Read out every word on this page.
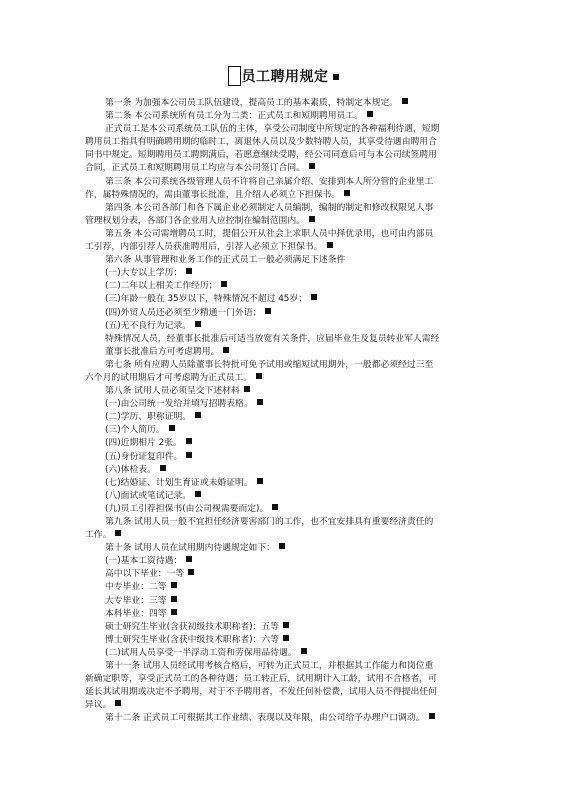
员工聘用规定

第一条 为加强本公司员工队伍建设，提高员工的基本素质，特制定本规定。

第二条 本公司系统所有员工分为二类：正式员工和短期聘用员工。

正式员工是本公司系统员工队伍的主体，享受公司制度中所规定的各种福利待遇，短期

聘用员工指具有明确聘用期的临时工，离退休人员以及少数特聘人员，其享受待遇由聘用合

同书中规定。短期聘用员工聘期满后，若愿意继续受聘，经公司同意后可与本公司续签聘用

合同，正式员工和短期聘用员工均应与本公司签订合同。

第三条 本公司系统各级管理人员不许将自己亲属介绍、安排到本人所分管的企业里工

作，属特殊情况的，需由董事长批准，且介绍人必须立下担保书。

第四条 本公司各部门和各下属企业必须制定人员编制，编制的制定和修改权限见人事

管理权划分表，各部门各企业用人应控制在编制范围内。

第五条 本公司需增聘员工时，提倡公开从社会上求职人员中择优录用，也可由内部员

工引荐，内部引荐人员获准聘用后，引荐人必须立下担保书。

第六条 从事管理和业务工作的正式员工一般必须满足下述条件

(一)大专以上学历；

(二)二年以上相关工作经历；

(三)年龄一般在 35岁以下，特殊情况不超过 45岁；

(四)外贸人员还必须至少精通一门外语；

(五)无不良行为记录。

特殊情况人员，经董事长批准后可适当放宽有关条件，应届毕业生及复员转业军人需经

董事长批准后方可考虑聘用。

第七条 所有应聘人员除董事长特批可免予试用或缩短试用期外，一般都必须经过三至

六个月的试用期后才可考虑聘为正式员工。

第八条 试用人员必须呈交下述材料

(一)由公司统一发给并填写招聘表格。

(二)学历、职称证明。

(三)个人简历。

(四)近期相片 2张。

(五)身份证复印件。

(六)体检表。

(七)结婚证、计划生育证或未婚证明。

(八)面试或笔试记录。

(九)员工引荐担保书(由公司视需要而定)。

第九条 试用人员一般不宜担任经济要害部门的工作，也不宜安排具有重要经济责任的

工作。

第十条 试用人员在试用期内待遇规定如下：

(一)基本工资待遇：

高中以下毕业：一等

中专毕业：二等

大专毕业：三等

本科毕业：四等

硕士研究生毕业(含获初级技术职称者)：五等

博士研究生毕业(含获中级技术职称者)：六等

(二)试用人员享受一半浮动工资和劳保用品待遇。

第十一条 试用人员经试用考核合格后，可转为正式员工，并根据其工作能力和岗位重

新确定职等，享受正式员工的各种待遇；员工转正后，试用期计入工龄，试用不合格者，可

延长其试用期或决定不予聘用，对于不予聘用者，不发任何补偿费，试用人员不得提出任何

异议。

第十二条 正式员工可根据其工作业绩、表现以及年限，由公司给予办理户口调动。
